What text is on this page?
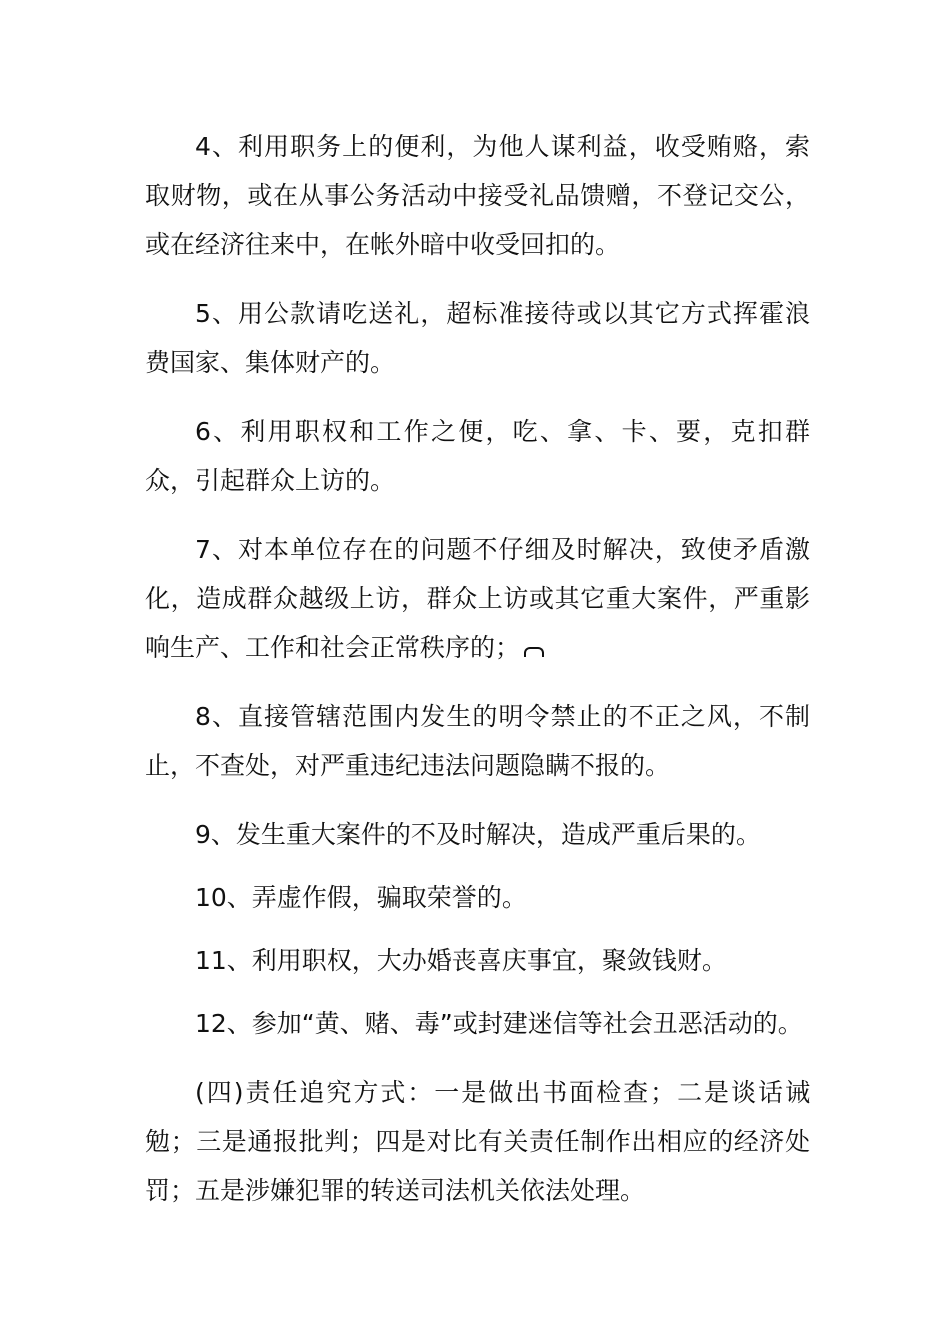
4、利用职务上的便利，为他人谋利益，收受贿赂，索取财物，或在从事公务活动中接受礼品馈赠，不登记交公，或在经济往来中，在帐外暗中收受回扣的。

5、用公款请吃送礼，超标准接待或以其它方式挥霍浪费国家、集体财产的。

6、利用职权和工作之便，吃、拿、卡、要，克扣群众，引起群众上访的。

7、对本单位存在的问题不仔细及时解决，致使矛盾激化，造成群众越级上访，群众上访或其它重大案件，严重影响生产、工作和社会正常秩序的；

8、直接管辖范围内发生的明令禁止的不正之风，不制止，不查处，对严重违纪违法问题隐瞒不报的。

9、发生重大案件的不及时解决，造成严重后果的。

10、弄虚作假，骗取荣誉的。

11、利用职权，大办婚丧喜庆事宜，聚敛钱财。

12、参加“黄、赌、毒”或封建迷信等社会丑恶活动的。

(四)责任追究方式：一是做出书面检查；二是谈话诫勉；三是通报批判；四是对比有关责任制作出相应的经济处罚；五是涉嫌犯罪的转送司法机关依法处理。
